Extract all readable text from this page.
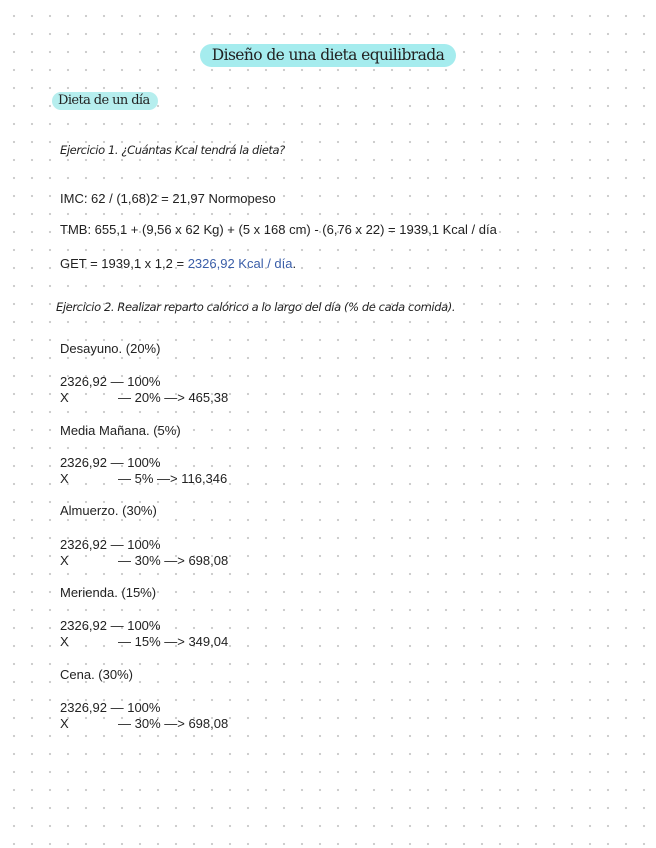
Diseño de una dieta equilibrada
Dieta de un día
Ejercicio 1. ¿Cuántas Kcal tendrá la dieta?
IMC: 62 / (1,68)2 = 21,97 Normopeso
TMB: 655,1 + (9,56 x 62 Kg) + (5 x 168 cm) - (6,76 x 22) = 1939,1 Kcal / día
GET = 1939,1 x 1,2 = 2326,92 Kcal / día.
Ejercicio 2. Realizar reparto calórico a lo largo del día (% de cada comida).
Desayuno. (20%)
2326,92 — 100%
X	— 20% —> 465,38
Media Mañana. (5%)
2326,92 — 100%
X	— 5% —> 116,346
Almuerzo. (30%)
2326,92 — 100%
X	— 30% —> 698,08
Merienda. (15%)
2326,92 — 100%
X	— 15% —> 349,04
Cena. (30%)
2326,92 — 100%
X	— 30% —> 698,08
